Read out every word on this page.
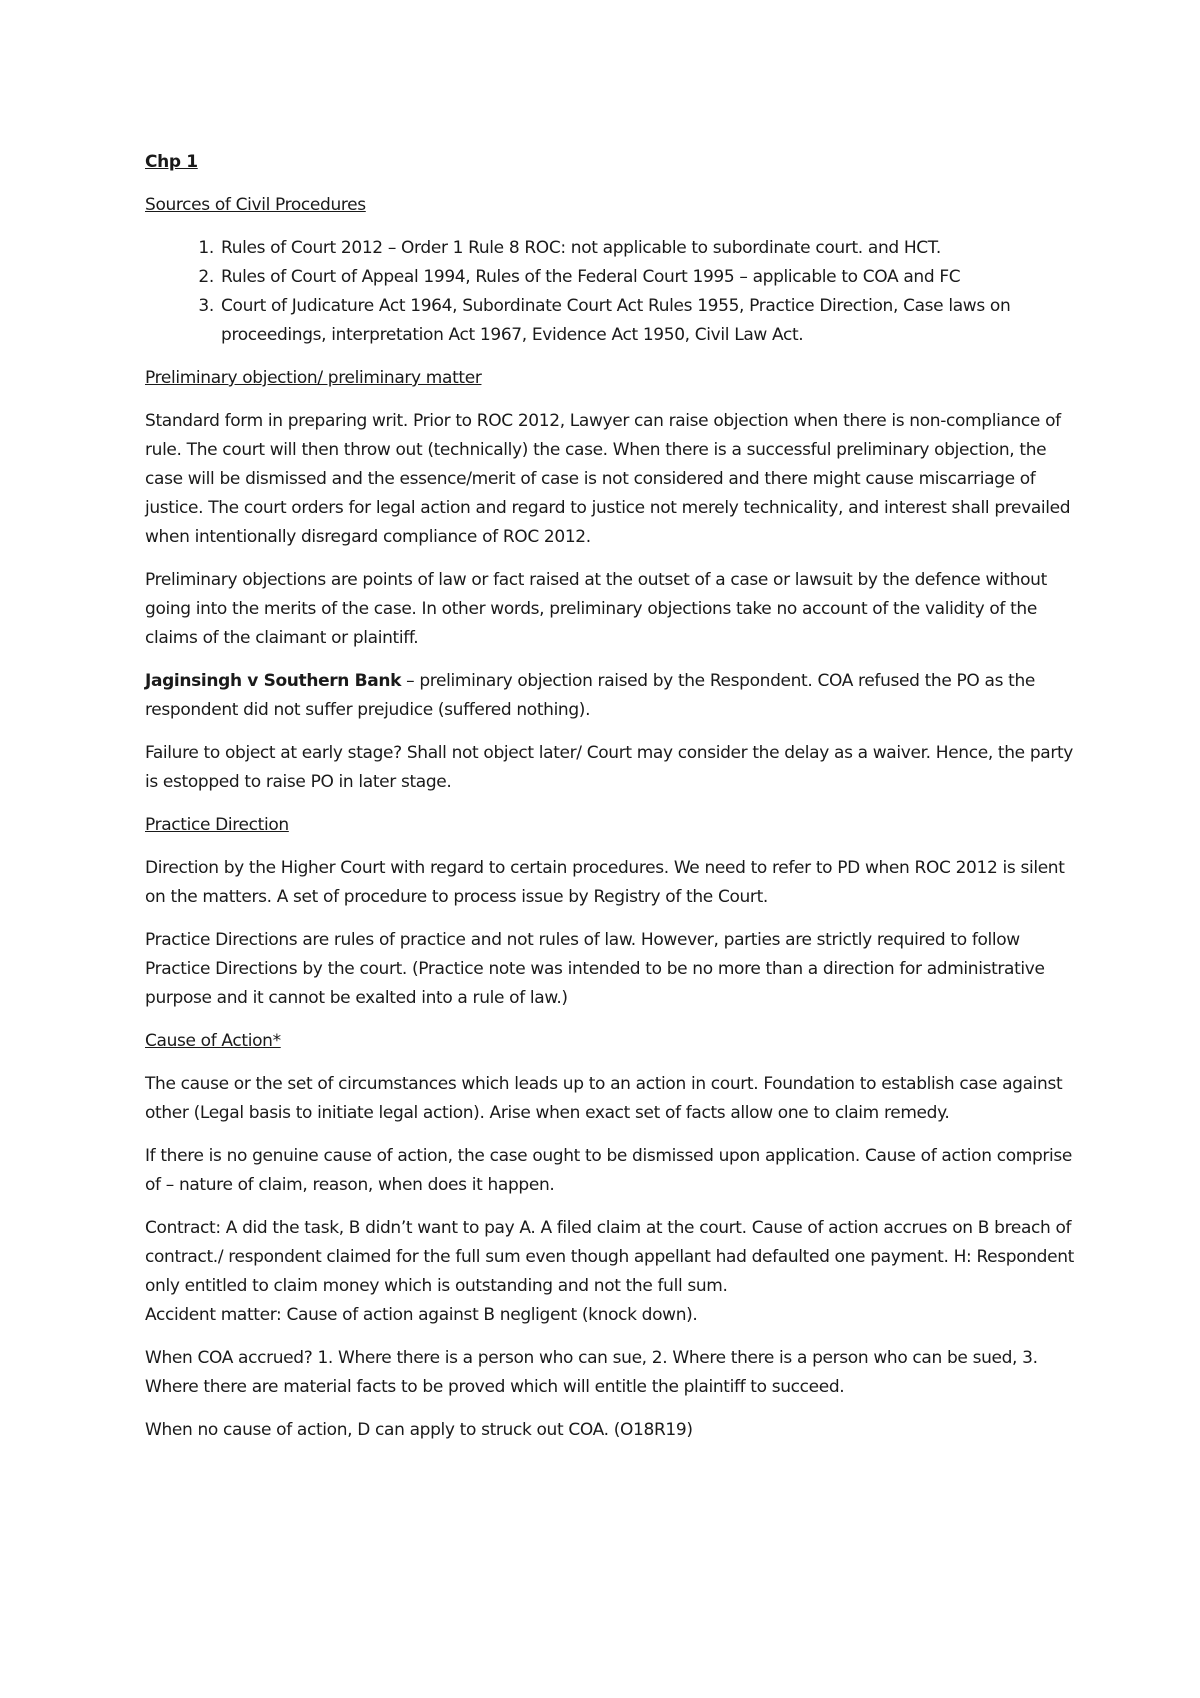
Chp 1

Sources of Civil Procedures

1. Rules of Court 2012 – Order 1 Rule 8 ROC: not applicable to subordinate court. and HCT.
2. Rules of Court of Appeal 1994, Rules of the Federal Court 1995 – applicable to COA and FC
3. Court of Judicature Act 1964, Subordinate Court Act Rules 1955, Practice Direction, Case laws on proceedings, interpretation Act 1967, Evidence Act 1950, Civil Law Act.

Preliminary objection/ preliminary matter

Standard form in preparing writ. Prior to ROC 2012, Lawyer can raise objection when there is non-compliance of rule. The court will then throw out (technically) the case. When there is a successful preliminary objection, the case will be dismissed and the essence/merit of case is not considered and there might cause miscarriage of justice. The court orders for legal action and regard to justice not merely technicality, and interest shall prevailed when intentionally disregard compliance of ROC 2012.

Preliminary objections are points of law or fact raised at the outset of a case or lawsuit by the defence without going into the merits of the case. In other words, preliminary objections take no account of the validity of the claims of the claimant or plaintiff.

Jaginsingh v Southern Bank – preliminary objection raised by the Respondent. COA refused the PO as the respondent did not suffer prejudice (suffered nothing).

Failure to object at early stage? Shall not object later/ Court may consider the delay as a waiver. Hence, the party is estopped to raise PO in later stage.

Practice Direction

Direction by the Higher Court with regard to certain procedures. We need to refer to PD when ROC 2012 is silent on the matters. A set of procedure to process issue by Registry of the Court.

Practice Directions are rules of practice and not rules of law. However, parties are strictly required to follow Practice Directions by the court. (Practice note was intended to be no more than a direction for administrative purpose and it cannot be exalted into a rule of law.)

Cause of Action*

The cause or the set of circumstances which leads up to an action in court. Foundation to establish case against other (Legal basis to initiate legal action). Arise when exact set of facts allow one to claim remedy.

If there is no genuine cause of action, the case ought to be dismissed upon application. Cause of action comprise of – nature of claim, reason, when does it happen.

Contract: A did the task, B didn’t want to pay A. A filed claim at the court. Cause of action accrues on B breach of contract./ respondent claimed for the full sum even though appellant had defaulted one payment. H: Respondent only entitled to claim money which is outstanding and not the full sum.
Accident matter: Cause of action against B negligent (knock down).

When COA accrued? 1. Where there is a person who can sue, 2. Where there is a person who can be sued, 3. Where there are material facts to be proved which will entitle the plaintiff to succeed.

When no cause of action, D can apply to struck out COA. (O18R19)
